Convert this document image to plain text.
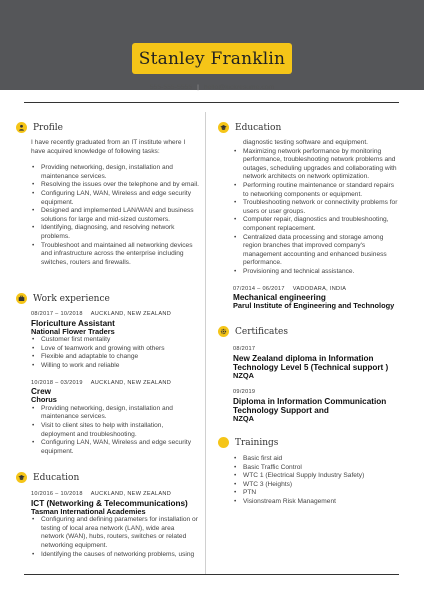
Stanley Franklin
555-555-5555 | hello@kickresume.com
Profile

I have recently graduated from an IT institute where I have acquired knowledge of following tasks:

• Providing networking, design, installation and maintenance services.
• Resolving the issues over the telephone and by email.
• Configuring LAN, WAN, Wireless and edge security equipment.
• Designed and implemented LAN/WAN and business solutions for large and mid-sized customers.
• Identifying, diagnosing, and resolving network problems.
• Troubleshoot and maintained all networking devices and infrastructure across the enterprise including switches, routers and firewalls.
Work experience
08/2017 – 10/2018 AUCKLAND, NEW ZEALAND
Floriculture Assistant
National Flower Traders
• Customer first mentality
• Love of teamwork and growing with others
• Flexible and adaptable to change
• Willing to work and reliable
10/2018 – 03/2019 AUCKLAND, NEW ZEALAND
Crew
Chorus
• Providing networking, design, installation and maintenance services.
• Visit to client sites to help with installation, deployment and troubleshooting.
• Configuring LAN, WAN, Wireless and edge security equipment.
Education
10/2016 – 10/2018 AUCKLAND, NEW ZEALAND
ICT (Networking & Telecommunications)
Tasman International Academies
• Configuring and defining parameters for installation or testing of local area network (LAN), wide area network (WAN), hubs, routers, switches or related networking equipment.
• Identifying the causes of networking problems, using
Education

diagnostic testing software and equipment.

• Maximizing network performance by monitoring performance, troubleshooting network problems and outages, scheduling upgrades and collaborating with network architects on network optimization.
• Performing routine maintenance or standard repairs to networking components or equipment.
• Troubleshooting network or connectivity problems for users or user groups.
• Computer repair, diagnostics and troubleshooting, component replacement.
• Centralized data processing and storage among region branches that improved company's management accounting and enhanced business performance.
• Provisioning and technical assistance.
07/2014 – 06/2017 VADODARA, INDIA
Mechanical engineering
Parul Institute of Engineering and Technology
Certificates
08/2017
New Zealand diploma in Information Technology Level 5 (Technical support )
NZQA
09/2019
Diploma in Information Communication Technology Support and
NZQA
Trainings
• Basic first aid
• Basic Traffic Control
• WTC 1 (Electrical Supply Industry Safety)
• WTC 3 (Heights)
• PTN
• Visionstream Risk Management
